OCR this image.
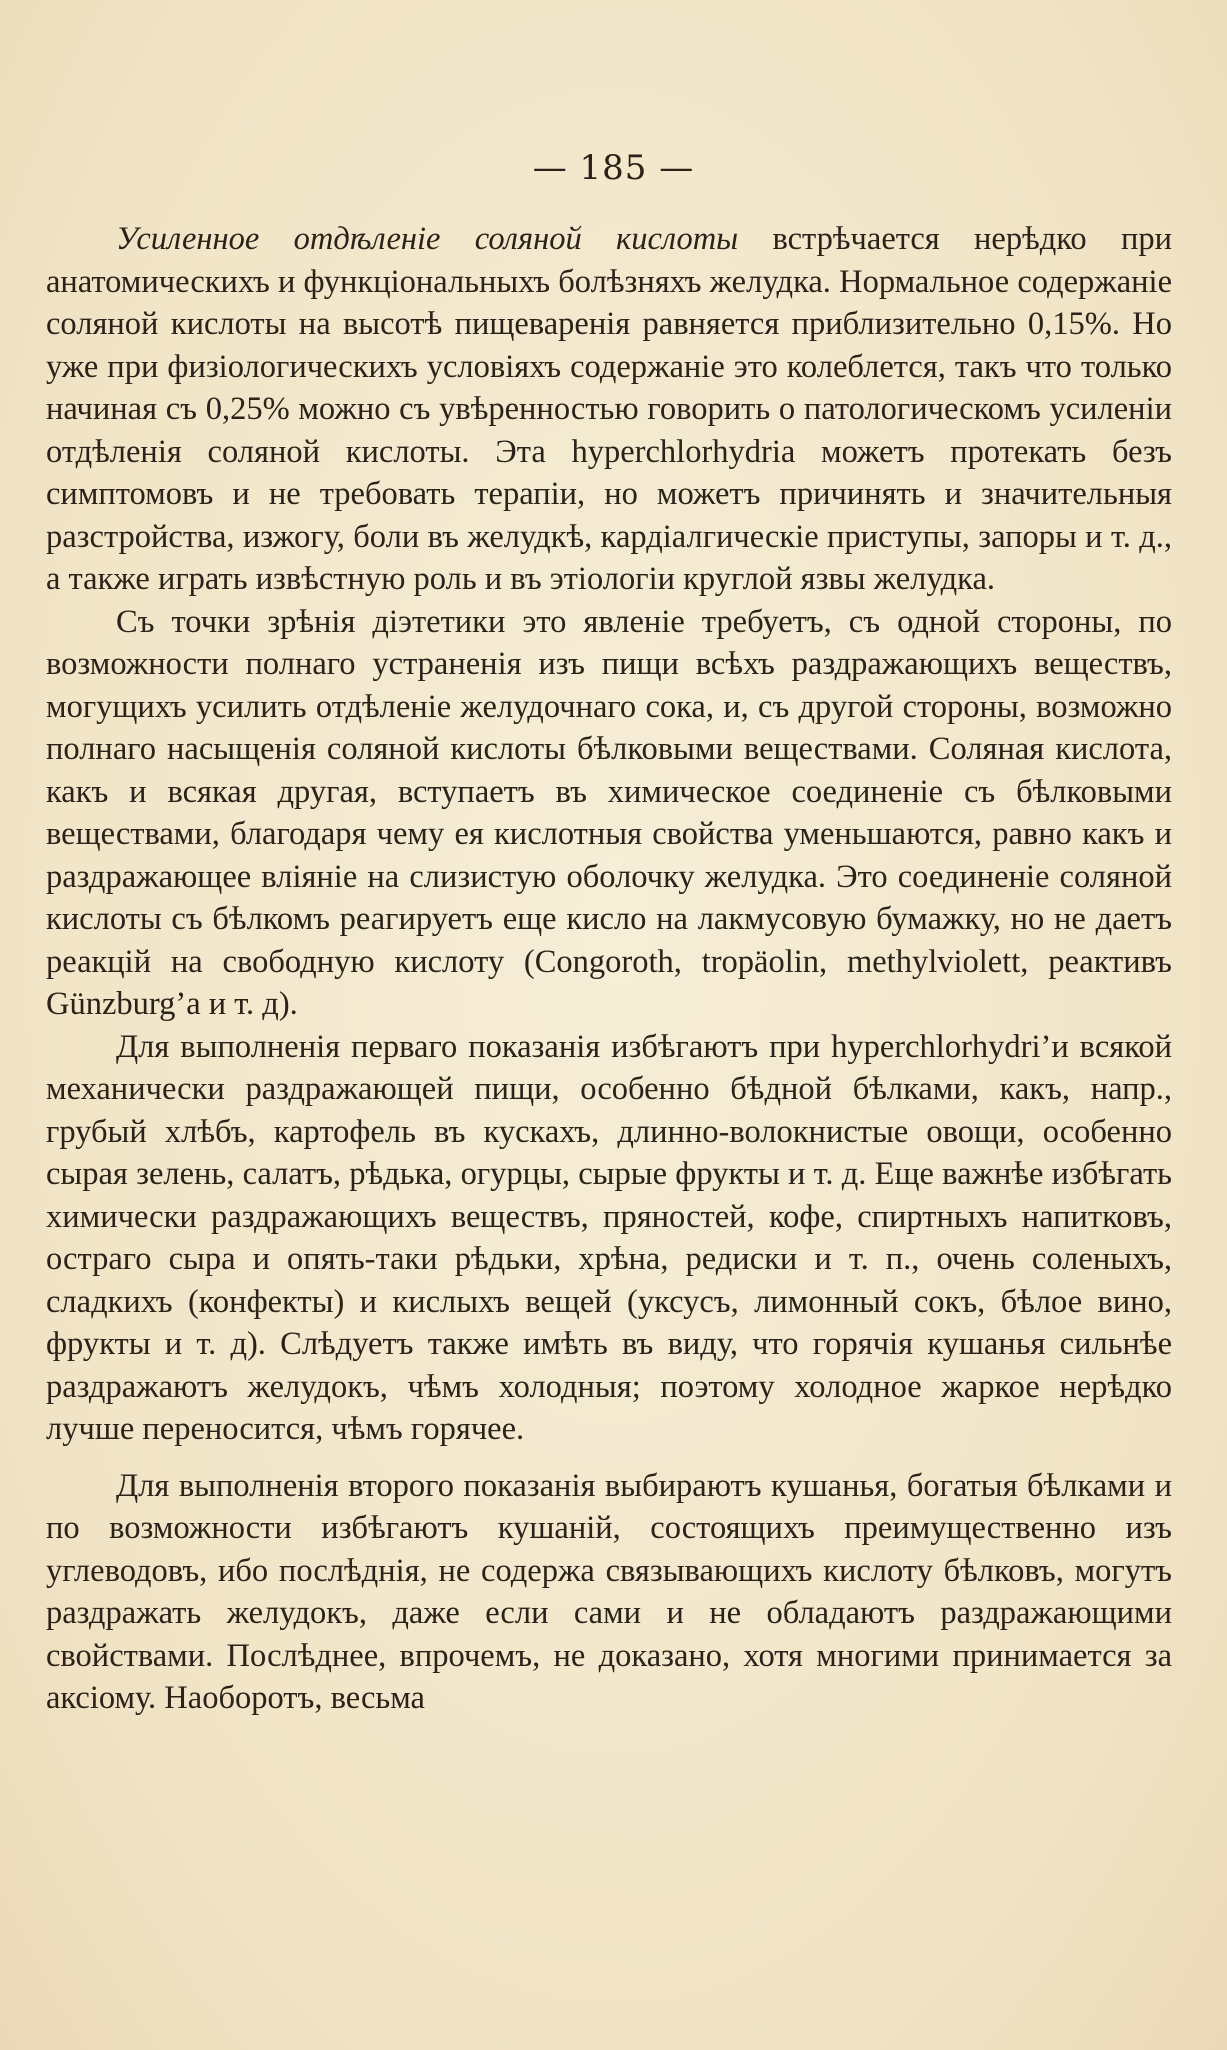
— 185 —

Усиленное отдѣленіе соляной кислоты встрѣчается нерѣдко при анатомическихъ и функціональныхъ болѣзняхъ желудка. Нормальное содержаніе соляной кислоты на высотѣ пищеваренія равняется приблизительно 0,15%. Но уже при физіологическихъ условіяхъ содержаніе это колеблется, такъ что только начиная съ 0,25% можно съ увѣренностью говорить о патологическомъ усиленіи отдѣленія соляной кислоты. Эта hyperchlorhydria можетъ протекать безъ симптомовъ и не требовать терапіи, но можетъ причинять и значительныя разстройства, изжогу, боли въ желудкѣ, кардіалгическіе приступы, запоры и т. д., а также играть извѣстную роль и въ этіологіи круглой язвы желудка.

Съ точки зрѣнія діэтетики это явленіе требуетъ, съ одной стороны, по возможности полнаго устраненія изъ пищи всѣхъ раздражающихъ веществъ, могущихъ усилить отдѣленіе желудочнаго сока, и, съ другой стороны, возможно полнаго насыщенія соляной кислоты бѣлковыми веществами. Соляная кислота, какъ и всякая другая, вступаетъ въ химическое соединеніе съ бѣлковыми веществами, благодаря чему ея кислотныя свойства уменьшаются, равно какъ и раздражающее вліяніе на слизистую оболочку желудка. Это соединеніе соляной кислоты съ бѣлкомъ реагируетъ еще кисло на лакмусовую бумажку, но не даетъ реакцій на свободную кислоту (Congoroth, tropäolin, methylviolett, реактивъ Günzburg’a и т. д).

Для выполненія перваго показанія избѣгаютъ при hyperchlorhydri’и всякой механически раздражающей пищи, особенно бѣдной бѣлками, какъ, напр., грубый хлѣбъ, картофель въ кускахъ, длинно-волокнистые овощи, особенно сырая зелень, салатъ, рѣдька, огурцы, сырые фрукты и т. д. Еще важнѣе избѣгать химически раздражающихъ веществъ, пряностей, кофе, спиртныхъ напитковъ, остраго сыра и опять-таки рѣдьки, хрѣна, редиски и т. п., очень соленыхъ, сладкихъ (конфекты) и кислыхъ вещей (уксусъ, лимонный сокъ, бѣлое вино, фрукты и т. д). Слѣдуетъ также имѣть въ виду, что горячія кушанья сильнѣе раздражаютъ желудокъ, чѣмъ холодныя; поэтому холодное жаркое нерѣдко лучше переносится, чѣмъ горячее.

Для выполненія второго показанія выбираютъ кушанья, богатыя бѣлками и по возможности избѣгаютъ кушаній, состоящихъ преимущественно изъ углеводовъ, ибо послѣднія, не содержа связывающихъ кислоту бѣлковъ, могутъ раздражать желудокъ, даже если сами и не обладаютъ раздражающими свойствами. Послѣднее, впрочемъ, не доказано, хотя многими принимается за аксіому. Наоборотъ, весьма
